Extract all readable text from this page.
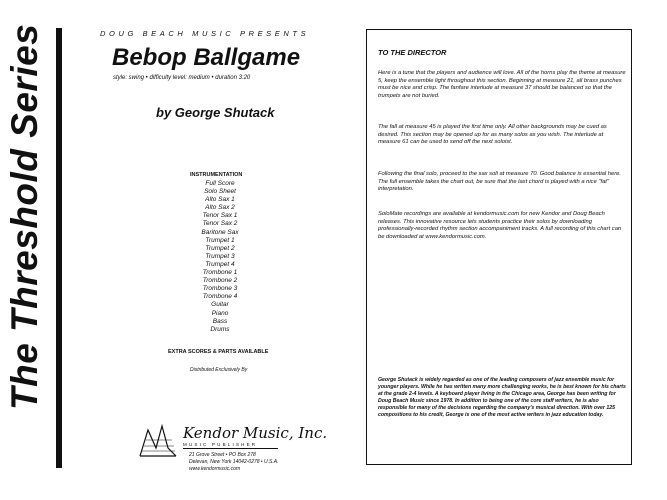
The Threshold Series	DOUG BEACH MUSIC PRESENTS
Bebop Ballgame
style: swing • difficulty level: medium • duration 3:20
by George Shutack
INSTRUMENTATION
Full Score
Solo Sheet
Alto Sax 1
Alto Sax 2
Tenor Sax 1
Tenor Sax 2
Baritone Sax
Trumpet 1
Trumpet 2
Trumpet 3
Trumpet 4
Trombone 1
Trombone 2
Trombone 3
Trombone 4
Guitar
Piano
Bass
Drums
EXTRA SCORES & PARTS AVAILABLE
Distributed Exclusively By
Kendor Music, Inc.
MUSIC PUBLISHER
21 Grove Street • PO Box 278
Delevan, New York 14042-0278 • U.S.A.
www.kendormusic.com
TO THE DIRECTOR

Here is a tune that the players and audience will love. All of the horns play the theme at measure 5, keep the ensemble light throughout this section. Beginning at measure 21, all brass punches must be nice and crisp. The fanfare interlude at measure 37 should be balanced so that the trumpets are not buried.

The fall at measure 45 is played the first time only. All other backgrounds may be cued as desired. This section may be opened up for as many solos as you wish. The interlude at measure 61 can be used to send off the next soloist.

Following the final solo, proceed to the sax soli at measure 70. Good balance is essential here. The full ensemble takes the chart out, be sure that the last chord is played with a nice "fat" interpretation.

SoloMate recordings are available at kendormusic.com for new Kendor and Doug Beach releases. This innovative resource lets students practice their solos by downloading professionally-recorded rhythm section accompaniment tracks. A full recording of this chart can be downloaded at www.kendormusic.com.

George Shutack is widely regarded as one of the leading composers of jazz ensemble music for younger players. While he has written many more challenging works, he is best known for his charts at the grade 2-4 levels. A keyboard player living in the Chicago area, George has been writing for Doug Beach Music since 1978. In addition to being one of the core staff writers, he is also responsible for many of the decisions regarding the company's musical direction. With over 125 compositions to his credit, George is one of the most active writers in jazz education today.
